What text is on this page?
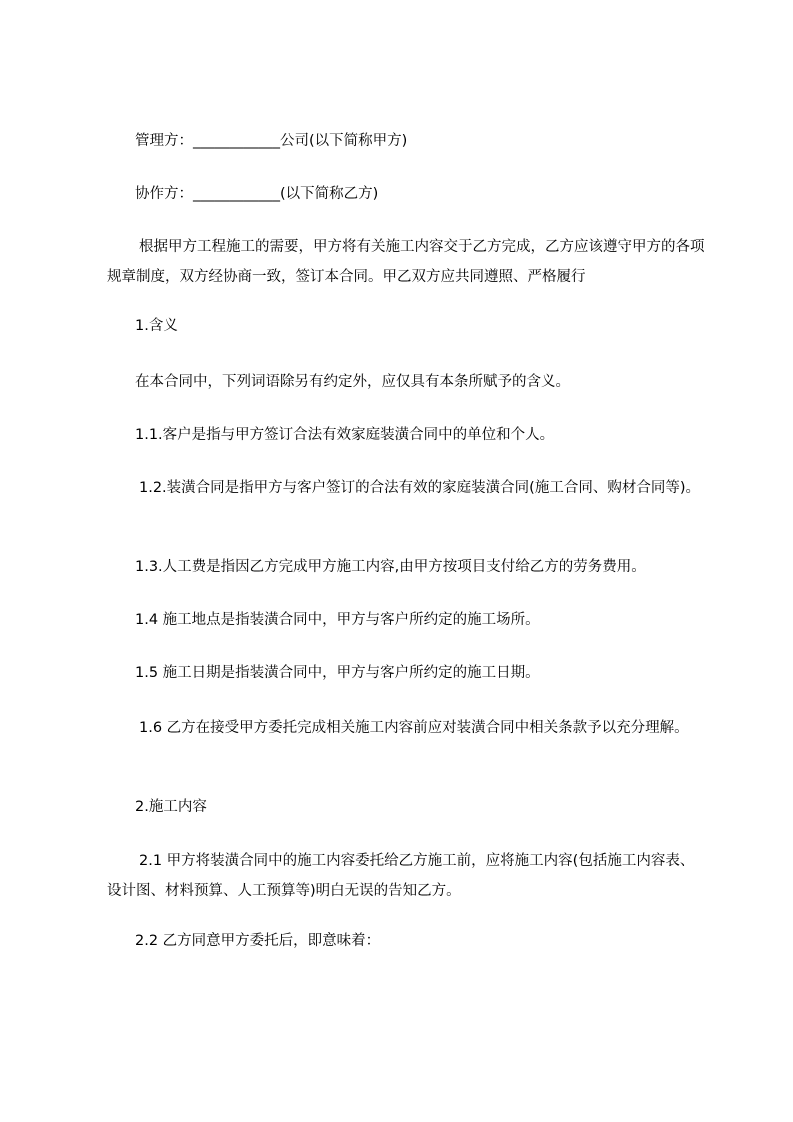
管理方：____________公司(以下简称甲方)
协作方：____________(以下简称乙方)
根据甲方工程施工的需要，甲方将有关施工内容交于乙方完成，乙方应该遵守甲方的各项规章制度，双方经协商一致，签订本合同。甲乙双方应共同遵照、严格履行
1.含义
在本合同中，下列词语除另有约定外，应仅具有本条所赋予的含义。
1.1.客户是指与甲方签订合法有效家庭装潢合同中的单位和个人。
1.2.装潢合同是指甲方与客户签订的合法有效的家庭装潢合同(施工合同、购材合同等)。
1.3.人工费是指因乙方完成甲方施工内容,由甲方按项目支付给乙方的劳务费用。
1.4 施工地点是指装潢合同中，甲方与客户所约定的施工场所。
1.5 施工日期是指装潢合同中，甲方与客户所约定的施工日期。
1.6 乙方在接受甲方委托完成相关施工内容前应对装潢合同中相关条款予以充分理解。
2.施工内容
2.1 甲方将装潢合同中的施工内容委托给乙方施工前，应将施工内容(包括施工内容表、设计图、材料预算、人工预算等)明白无误的告知乙方。
2.2 乙方同意甲方委托后，即意味着：
